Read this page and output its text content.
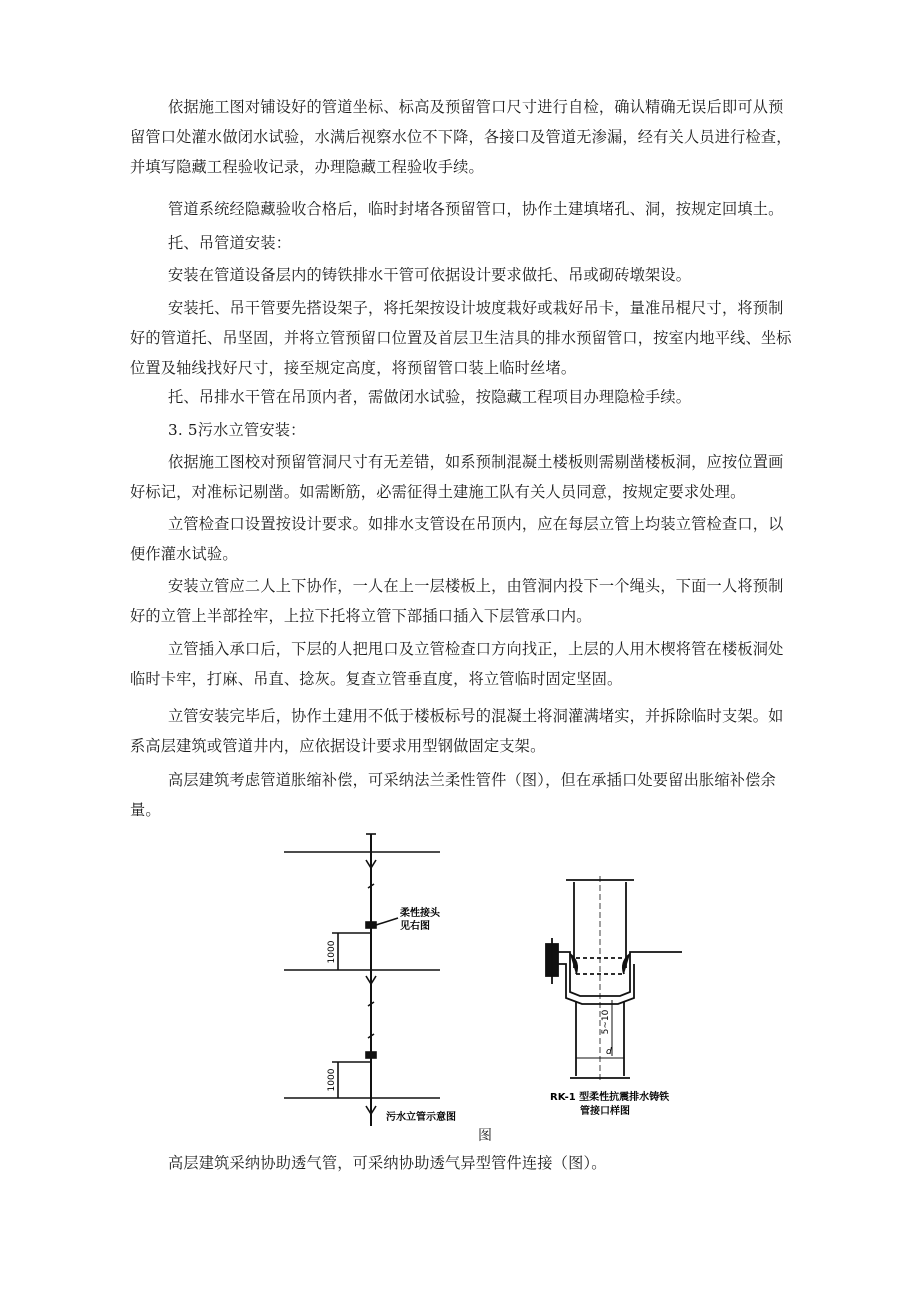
依据施工图对铺设好的管道坐标、标高及预留管口尺寸进行自检，确认精确无误后即可从预留管口处灌水做闭水试验，水满后视察水位不下降，各接口及管道无渗漏，经有关人员进行检查，并填写隐藏工程验收记录，办理隐藏工程验收手续。

管道系统经隐藏验收合格后，临时封堵各预留管口，协作土建填堵孔、洞，按规定回填土。

托、吊管道安装：

安装在管道设备层内的铸铁排水干管可依据设计要求做托、吊或砌砖墩架设。

安装托、吊干管要先搭设架子，将托架按设计坡度栽好或栽好吊卡，量准吊棍尺寸，将预制好的管道托、吊坚固，并将立管预留口位置及首层卫生洁具的排水预留管口，按室内地平线、坐标位置及轴线找好尺寸，接至规定高度，将预留管口装上临时丝堵。

托、吊排水干管在吊顶内者，需做闭水试验，按隐藏工程项目办理隐检手续。

3. 5污水立管安装：

依据施工图校对预留管洞尺寸有无差错，如系预制混凝土楼板则需剔凿楼板洞，应按位置画好标记，对准标记剔凿。如需断筋，必需征得土建施工队有关人员同意，按规定要求处理。

立管检查口设置按设计要求。如排水支管设在吊顶内，应在每层立管上均装立管检查口，以便作灌水试验。

安装立管应二人上下协作，一人在上一层楼板上，由管洞内投下一个绳头，下面一人将预制好的立管上半部拴牢，上拉下托将立管下部插口插入下层管承口内。

立管插入承口后，下层的人把甩口及立管检查口方向找正，上层的人用木楔将管在楼板洞处临时卡牢，打麻、吊直、捻灰。复查立管垂直度，将立管临时固定坚固。

立管安装完毕后，协作土建用不低于楼板标号的混凝土将洞灌满堵实，并拆除临时支架。如系高层建筑或管道井内，应依据设计要求用型钢做固定支架。

高层建筑考虑管道胀缩补偿，可采纳法兰柔性管件（图），但在承插口处要留出胀缩补偿余量。

柔性接头
见右图
1000
1000
污水立管示意图
5~10
d
RK-1 型柔性抗震排水铸铁
管接口样图
图

高层建筑采纳协助透气管，可采纳协助透气异型管件连接（图）。
